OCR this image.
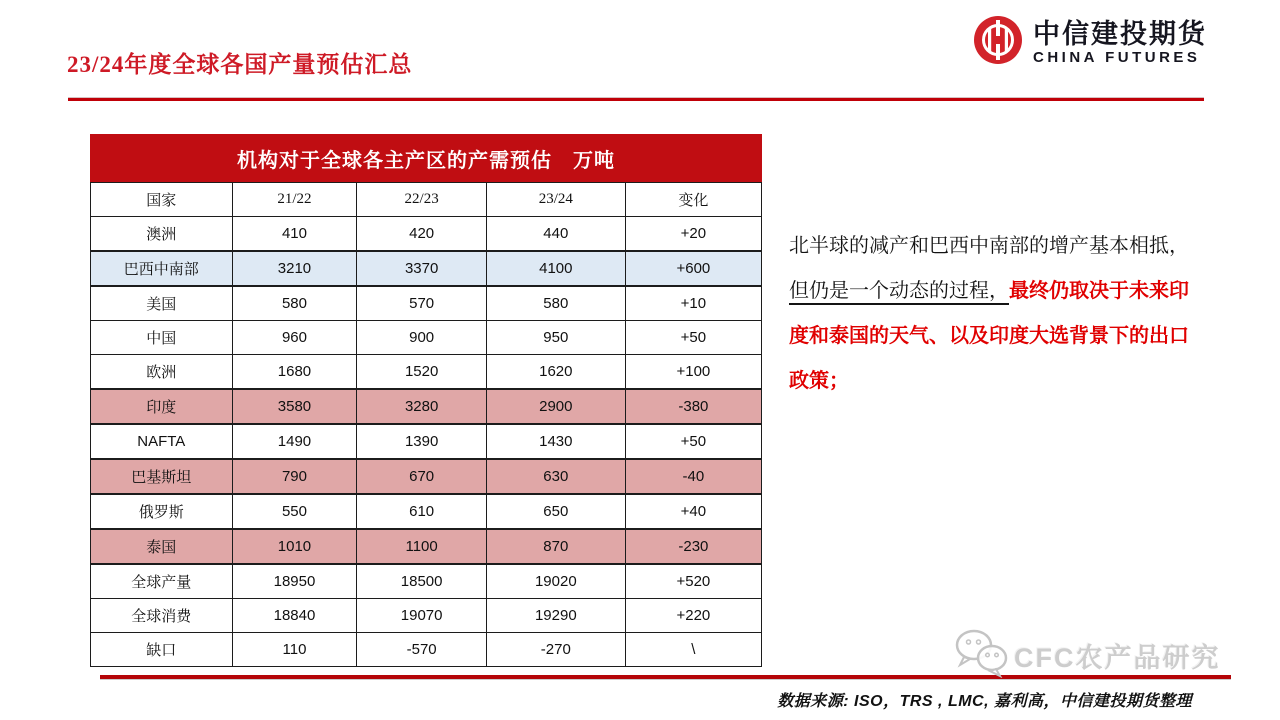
23/24年度全球各国产量预估汇总
中信建投期货
CHINA FUTURES
机构对于全球各主产区的产需预估　万吨
国家	21/22	22/23	23/24	变化
澳洲	410	420	440	+20
巴西中南部	3210	3370	4100	+600
美国	580	570	580	+10
中国	960	900	950	+50
欧洲	1680	1520	1620	+100
印度	3580	3280	2900	-380
NAFTA	1490	1390	1430	+50
巴基斯坦	790	670	630	-40
俄罗斯	550	610	650	+40
泰国	1010	1100	870	-230
全球产量	18950	18500	19020	+520
全球消费	18840	19070	19290	+220
缺口	110	-570	-270	\
北半球的减产和巴西中南部的增产基本相抵，但仍是一个动态的过程，最终仍取决于未来印度和泰国的天气、以及印度大选背景下的出口政策；
CFC农产品研究
数据来源: ISO，TRS , LMC, 嘉利高，中信建投期货整理
